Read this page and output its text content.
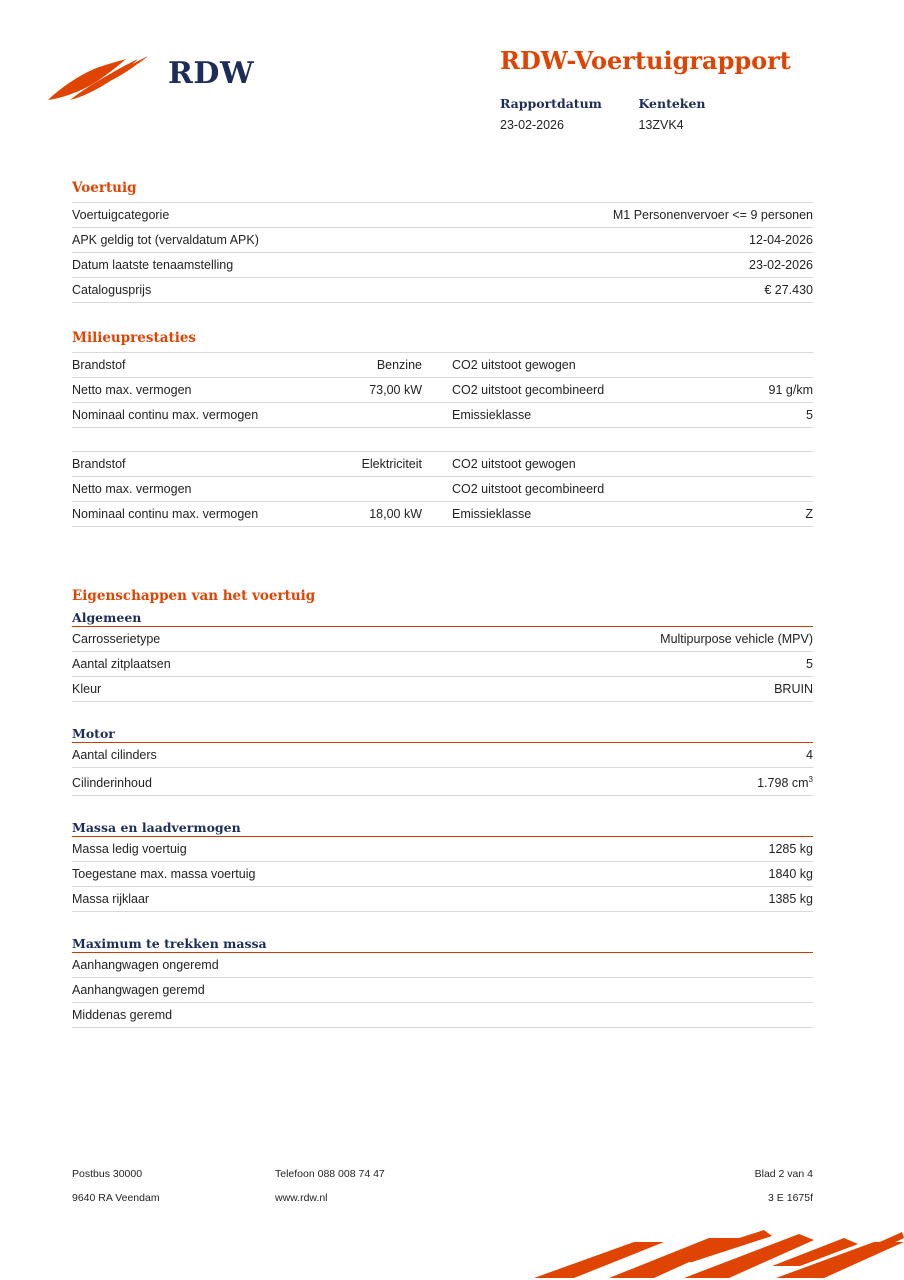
RDW	RDW-Voertuigrapport
Rapportdatum
23-02-2026

Kenteken
13ZVK4
Voertuig
Voertuigcategorie	M1 Personenvervoer <= 9 personen
APK geldig tot (vervaldatum APK)	12-04-2026
Datum laatste tenaamstelling	23-02-2026
Catalogusprijs	€ 27.430
Milieuprestaties
Brandstof	Benzine	CO2 uitstoot gewogen	
Netto max. vermogen	73,00 kW	CO2 uitstoot gecombineerd	91 g/km
Nominaal continu max. vermogen		Emissieklasse	5
Brandstof	Elektriciteit	CO2 uitstoot gewogen	
Netto max. vermogen		CO2 uitstoot gecombineerd	
Nominaal continu max. vermogen	18,00 kW	Emissieklasse	Z
Eigenschappen van het voertuig
Algemeen
Carrosserietype	Multipurpose vehicle (MPV)
Aantal zitplaatsen	5
Kleur	BRUIN
Motor
Aantal cilinders	4
Cilinderinhoud	1.798 $cm^3$
Massa en laadvermogen
Massa ledig voertuig	1285 kg
Toegestane max. massa voertuig	1840 kg
Massa rijklaar	1385 kg
Maximum te trekken massa
Aanhangwagen ongeremd	
Aanhangwagen geremd	
Middenas geremd	
Postbus 30000	Telefoon 088 008 74 47	Blad 2 van 4
9640 RA Veendam	www.rdw.nl	3 E 1675f
